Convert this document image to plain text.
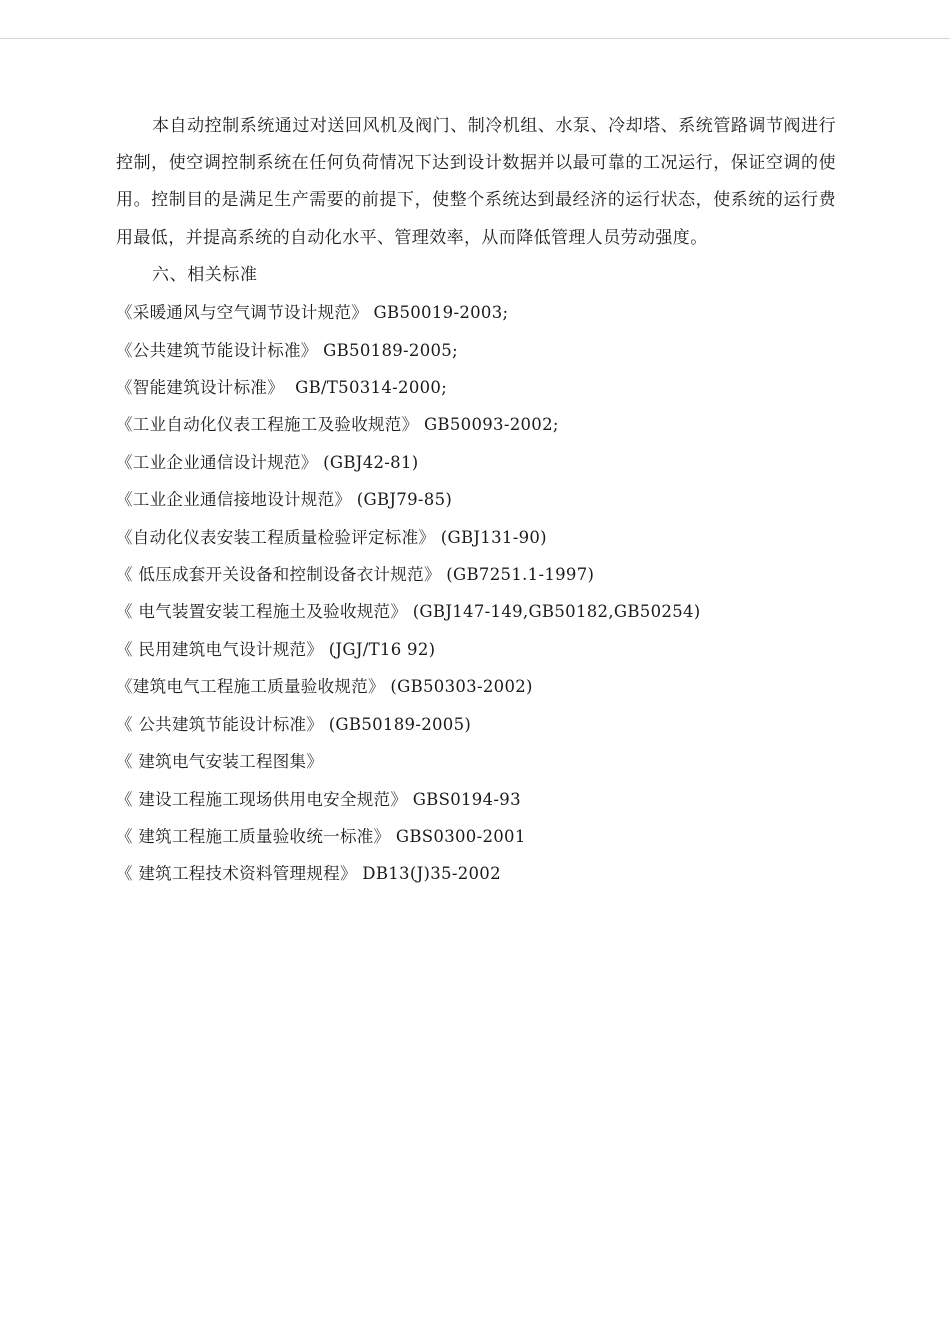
本自动控制系统通过对送回风机及阀门、制冷机组、水泵、冷却塔、系统管路调节阀进行控制，使空调控制系统在任何负荷情况下达到设计数据并以最可靠的工况运行，保证空调的使用。控制目的是满足生产需要的前提下，使整个系统达到最经济的运行状态，使系统的运行费用最低，并提高系统的自动化水平、管理效率，从而降低管理人员劳动强度。

六、相关标准

《采暖通风与空气调节设计规范》 GB50019-2003;
《公共建筑节能设计标准》 GB50189-2005;
《智能建筑设计标准》  GB/T50314-2000;
《工业自动化仪表工程施工及验收规范》 GB50093-2002;
《工业企业通信设计规范》 (GBJ42-81)
《工业企业通信接地设计规范》 (GBJ79-85)
《自动化仪表安装工程质量检验评定标准》 (GBJ131-90)
《 低压成套开关设备和控制设备衣计规范》 (GB7251.1-1997)
《 电气装置安装工程施土及验收规范》 (GBJ147-149,GB50182,GB50254)
《 民用建筑电气设计规范》 (JGJ/T16 92)
《建筑电气工程施工质量验收规范》 (GB50303-2002)
《 公共建筑节能设计标准》 (GB50189-2005)
《 建筑电气安装工程图集》
《 建设工程施工现场供用电安全规范》 GBS0194-93
《 建筑工程施工质量验收统一标准》 GBS0300-2001
《 建筑工程技术资料管理规程》 DB13(J)35-2002
